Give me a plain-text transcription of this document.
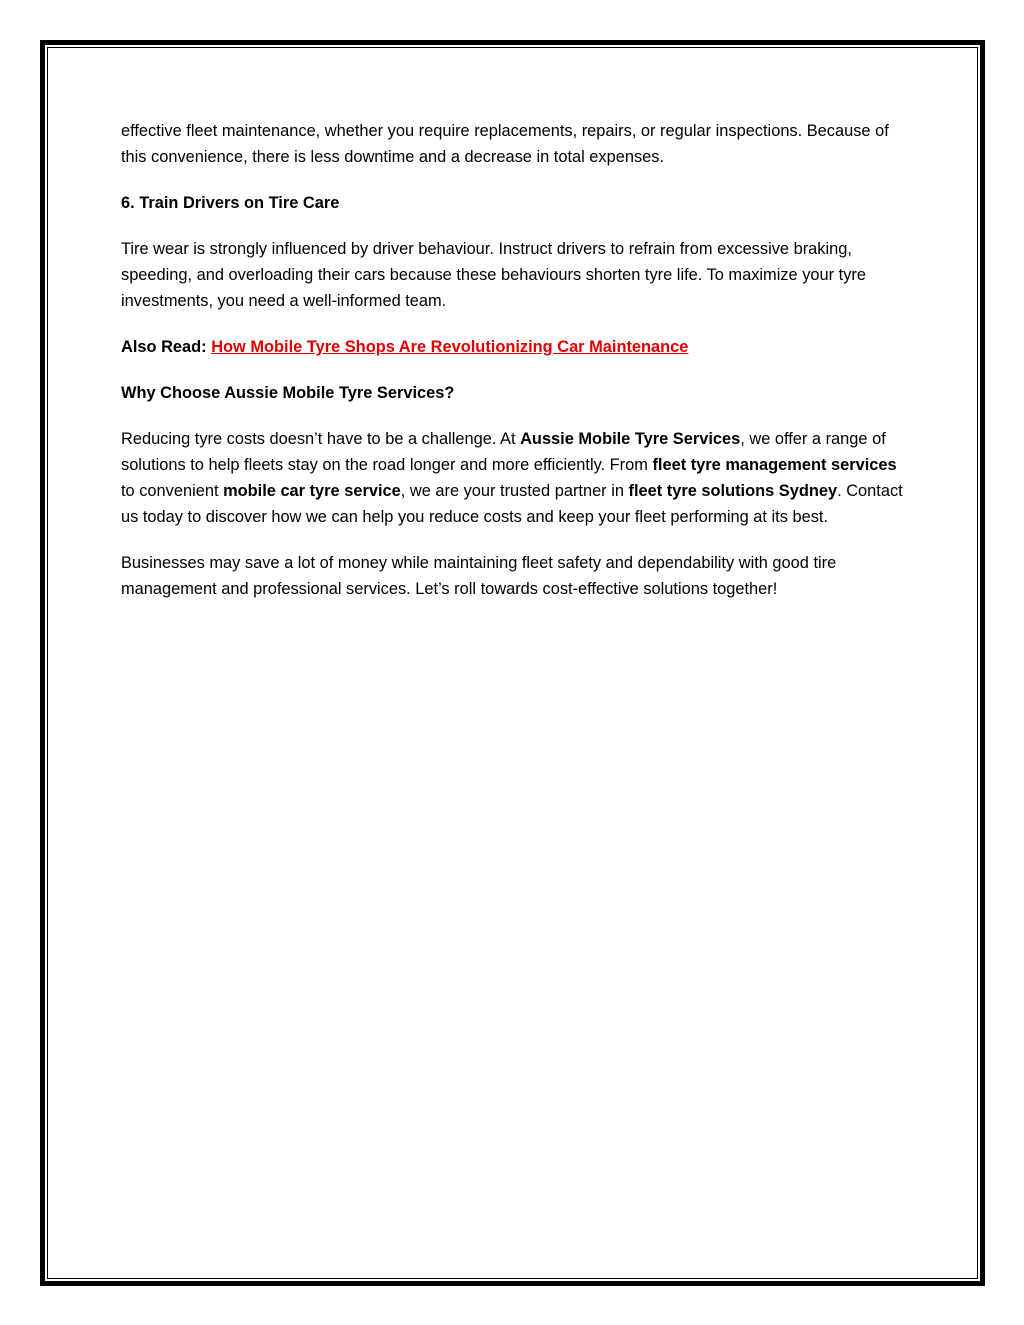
effective fleet maintenance, whether you require replacements, repairs, or regular inspections. Because of this convenience, there is less downtime and a decrease in total expenses.

6. Train Drivers on Tire Care

Tire wear is strongly influenced by driver behaviour. Instruct drivers to refrain from excessive braking, speeding, and overloading their cars because these behaviours shorten tyre life. To maximize your tyre investments, you need a well-informed team.

Also Read: How Mobile Tyre Shops Are Revolutionizing Car Maintenance

Why Choose Aussie Mobile Tyre Services?

Reducing tyre costs doesn’t have to be a challenge. At Aussie Mobile Tyre Services, we offer a range of solutions to help fleets stay on the road longer and more efficiently. From fleet tyre management services to convenient mobile car tyre service, we are your trusted partner in fleet tyre solutions Sydney. Contact us today to discover how we can help you reduce costs and keep your fleet performing at its best.

Businesses may save a lot of money while maintaining fleet safety and dependability with good tire management and professional services. Let’s roll towards cost-effective solutions together!
